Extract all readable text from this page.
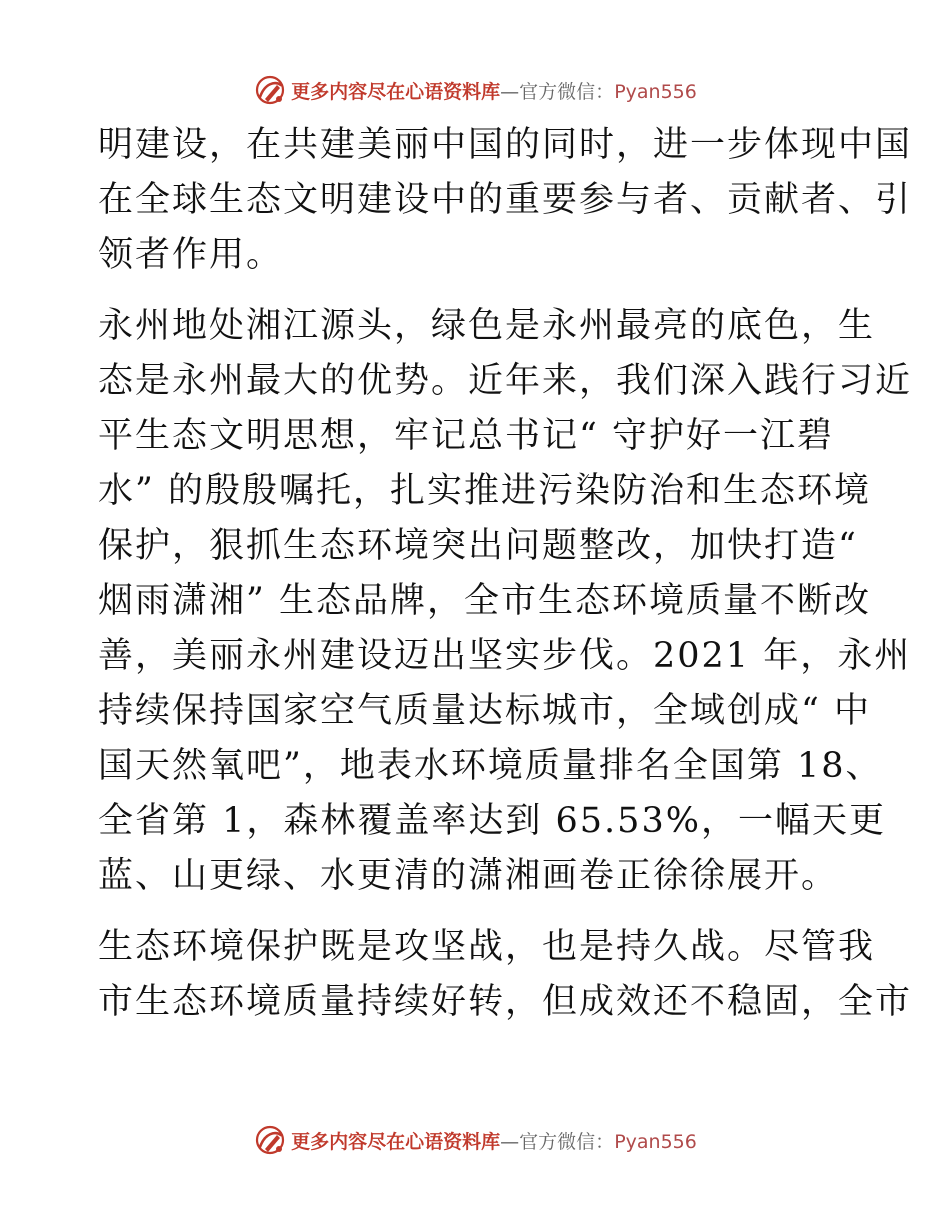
更多内容尽在心语资料库—官方微信：Pyan556

明建设，在共建美丽中国的同时，进一步体现中国
在全球生态文明建设中的重要参与者、贡献者、引
领者作用。

永州地处湘江源头，绿色是永州最亮的底色，生
态是永州最大的优势。近年来，我们深入践行习近
平生态文明思想，牢记总书记“ 守护好一江碧
水” 的殷殷嘱托，扎实推进污染防治和生态环境
保护，狠抓生态环境突出问题整改，加快打造“
烟雨潇湘” 生态品牌，全市生态环境质量不断改
善，美丽永州建设迈出坚实步伐。2021 年，永州
持续保持国家空气质量达标城市，全域创成“ 中
国天然氧吧”，地表水环境质量排名全国第 18、
全省第 1，森林覆盖率达到 65.53%，一幅天更
蓝、山更绿、水更清的潇湘画卷正徐徐展开。

生态环境保护既是攻坚战，也是持久战。尽管我
市生态环境质量持续好转，但成效还不稳固，全市

更多内容尽在心语资料库—官方微信：Pyan556
